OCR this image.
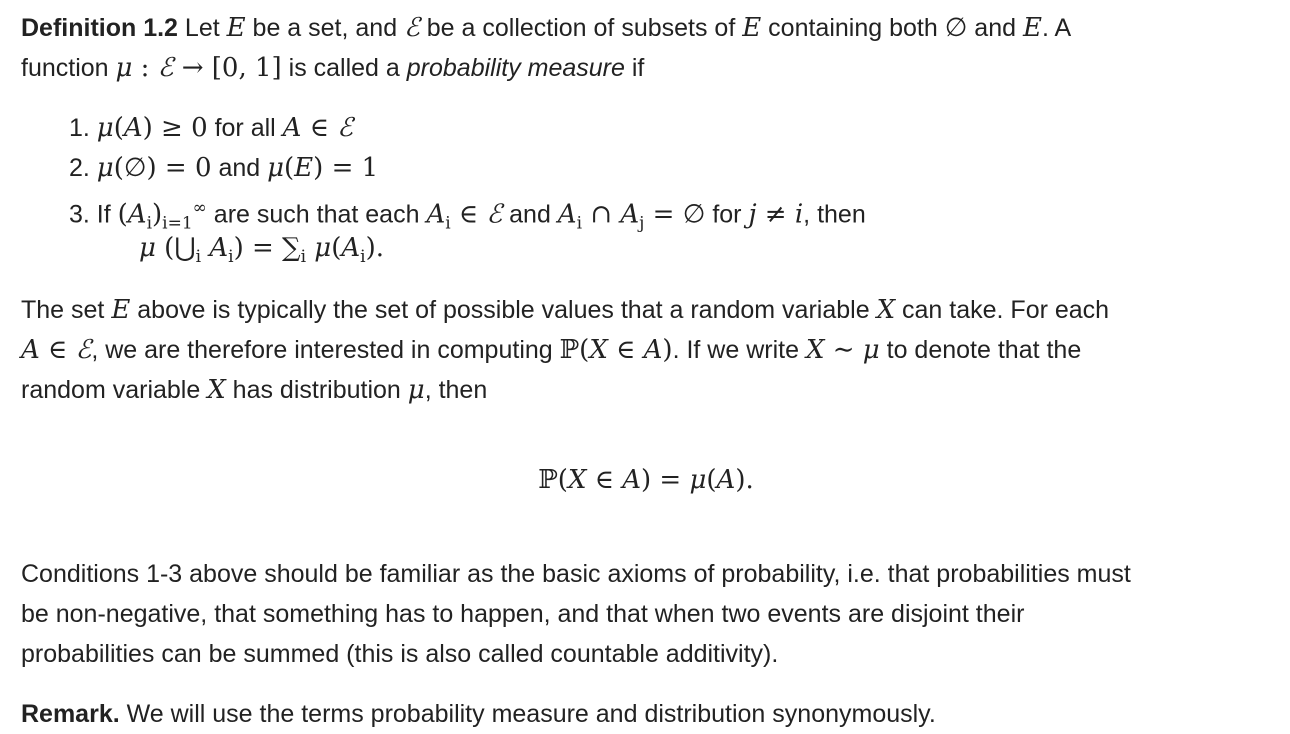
Definition 1.2 Let E be a set, and ℰ be a collection of subsets of E containing both ∅ and E. A
function μ : ℰ → [0, 1] is called a probability measure if
1. μ(A) ≥ 0 for all A ∈ ℰ
2. μ(∅) = 0 and μ(E) = 1
3. If $(A_i)_{i=1}^\infty$ are such that each $A_i$ ∈ ℰ and $A_i$ ∩ $A_j$ = ∅ for j ≠ i, then
μ ($⋃_i$ $A_i) = \sum_i$ $\mu(A_i)$.
The set E above is typically the set of possible values that a random variable X can take. For each
A ∈ ℰ, we are therefore interested in computing ℙ(X ∈ A). If we write X ∼ μ to denote that the
random variable X has distribution μ, then
ℙ(X ∈ A) = μ(A).
Conditions 1-3 above should be familiar as the basic axioms of probability, i.e. that probabilities must
be non-negative, that something has to happen, and that when two events are disjoint their
probabilities can be summed (this is also called countable additivity).
Remark. We will use the terms probability measure and distribution synonymously.
